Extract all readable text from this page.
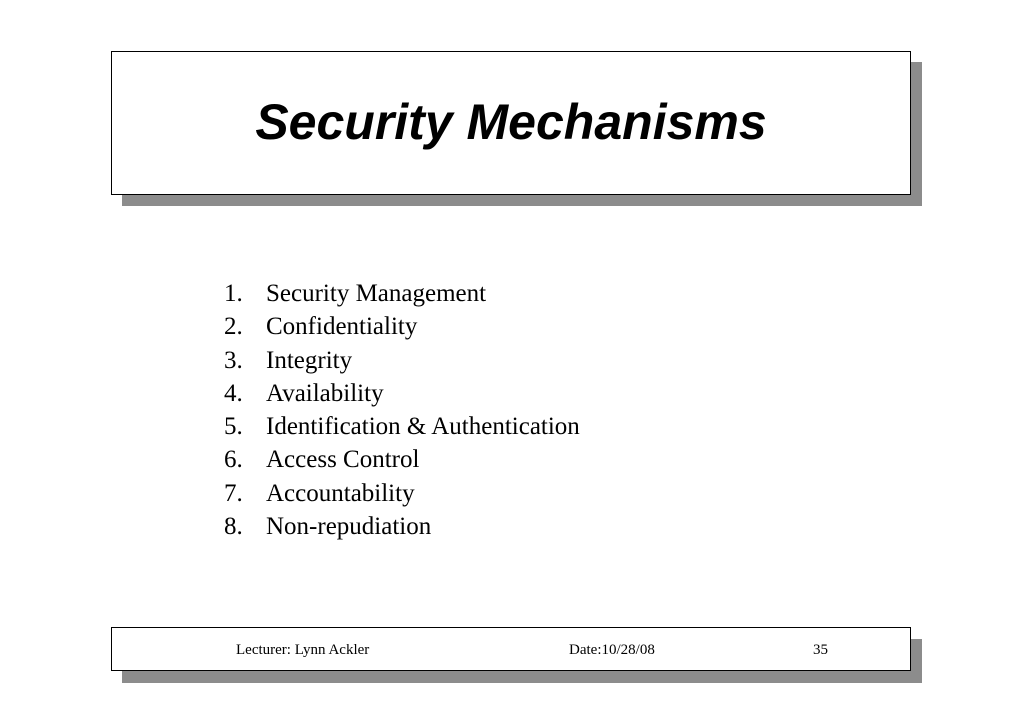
Security Mechanisms
1. Security Management
2. Confidentiality
3. Integrity
4. Availability
5. Identification & Authentication
6. Access Control
7. Accountability
8. Non-repudiation
Lecturer: Lynn Ackler	Date:10/28/08	35
